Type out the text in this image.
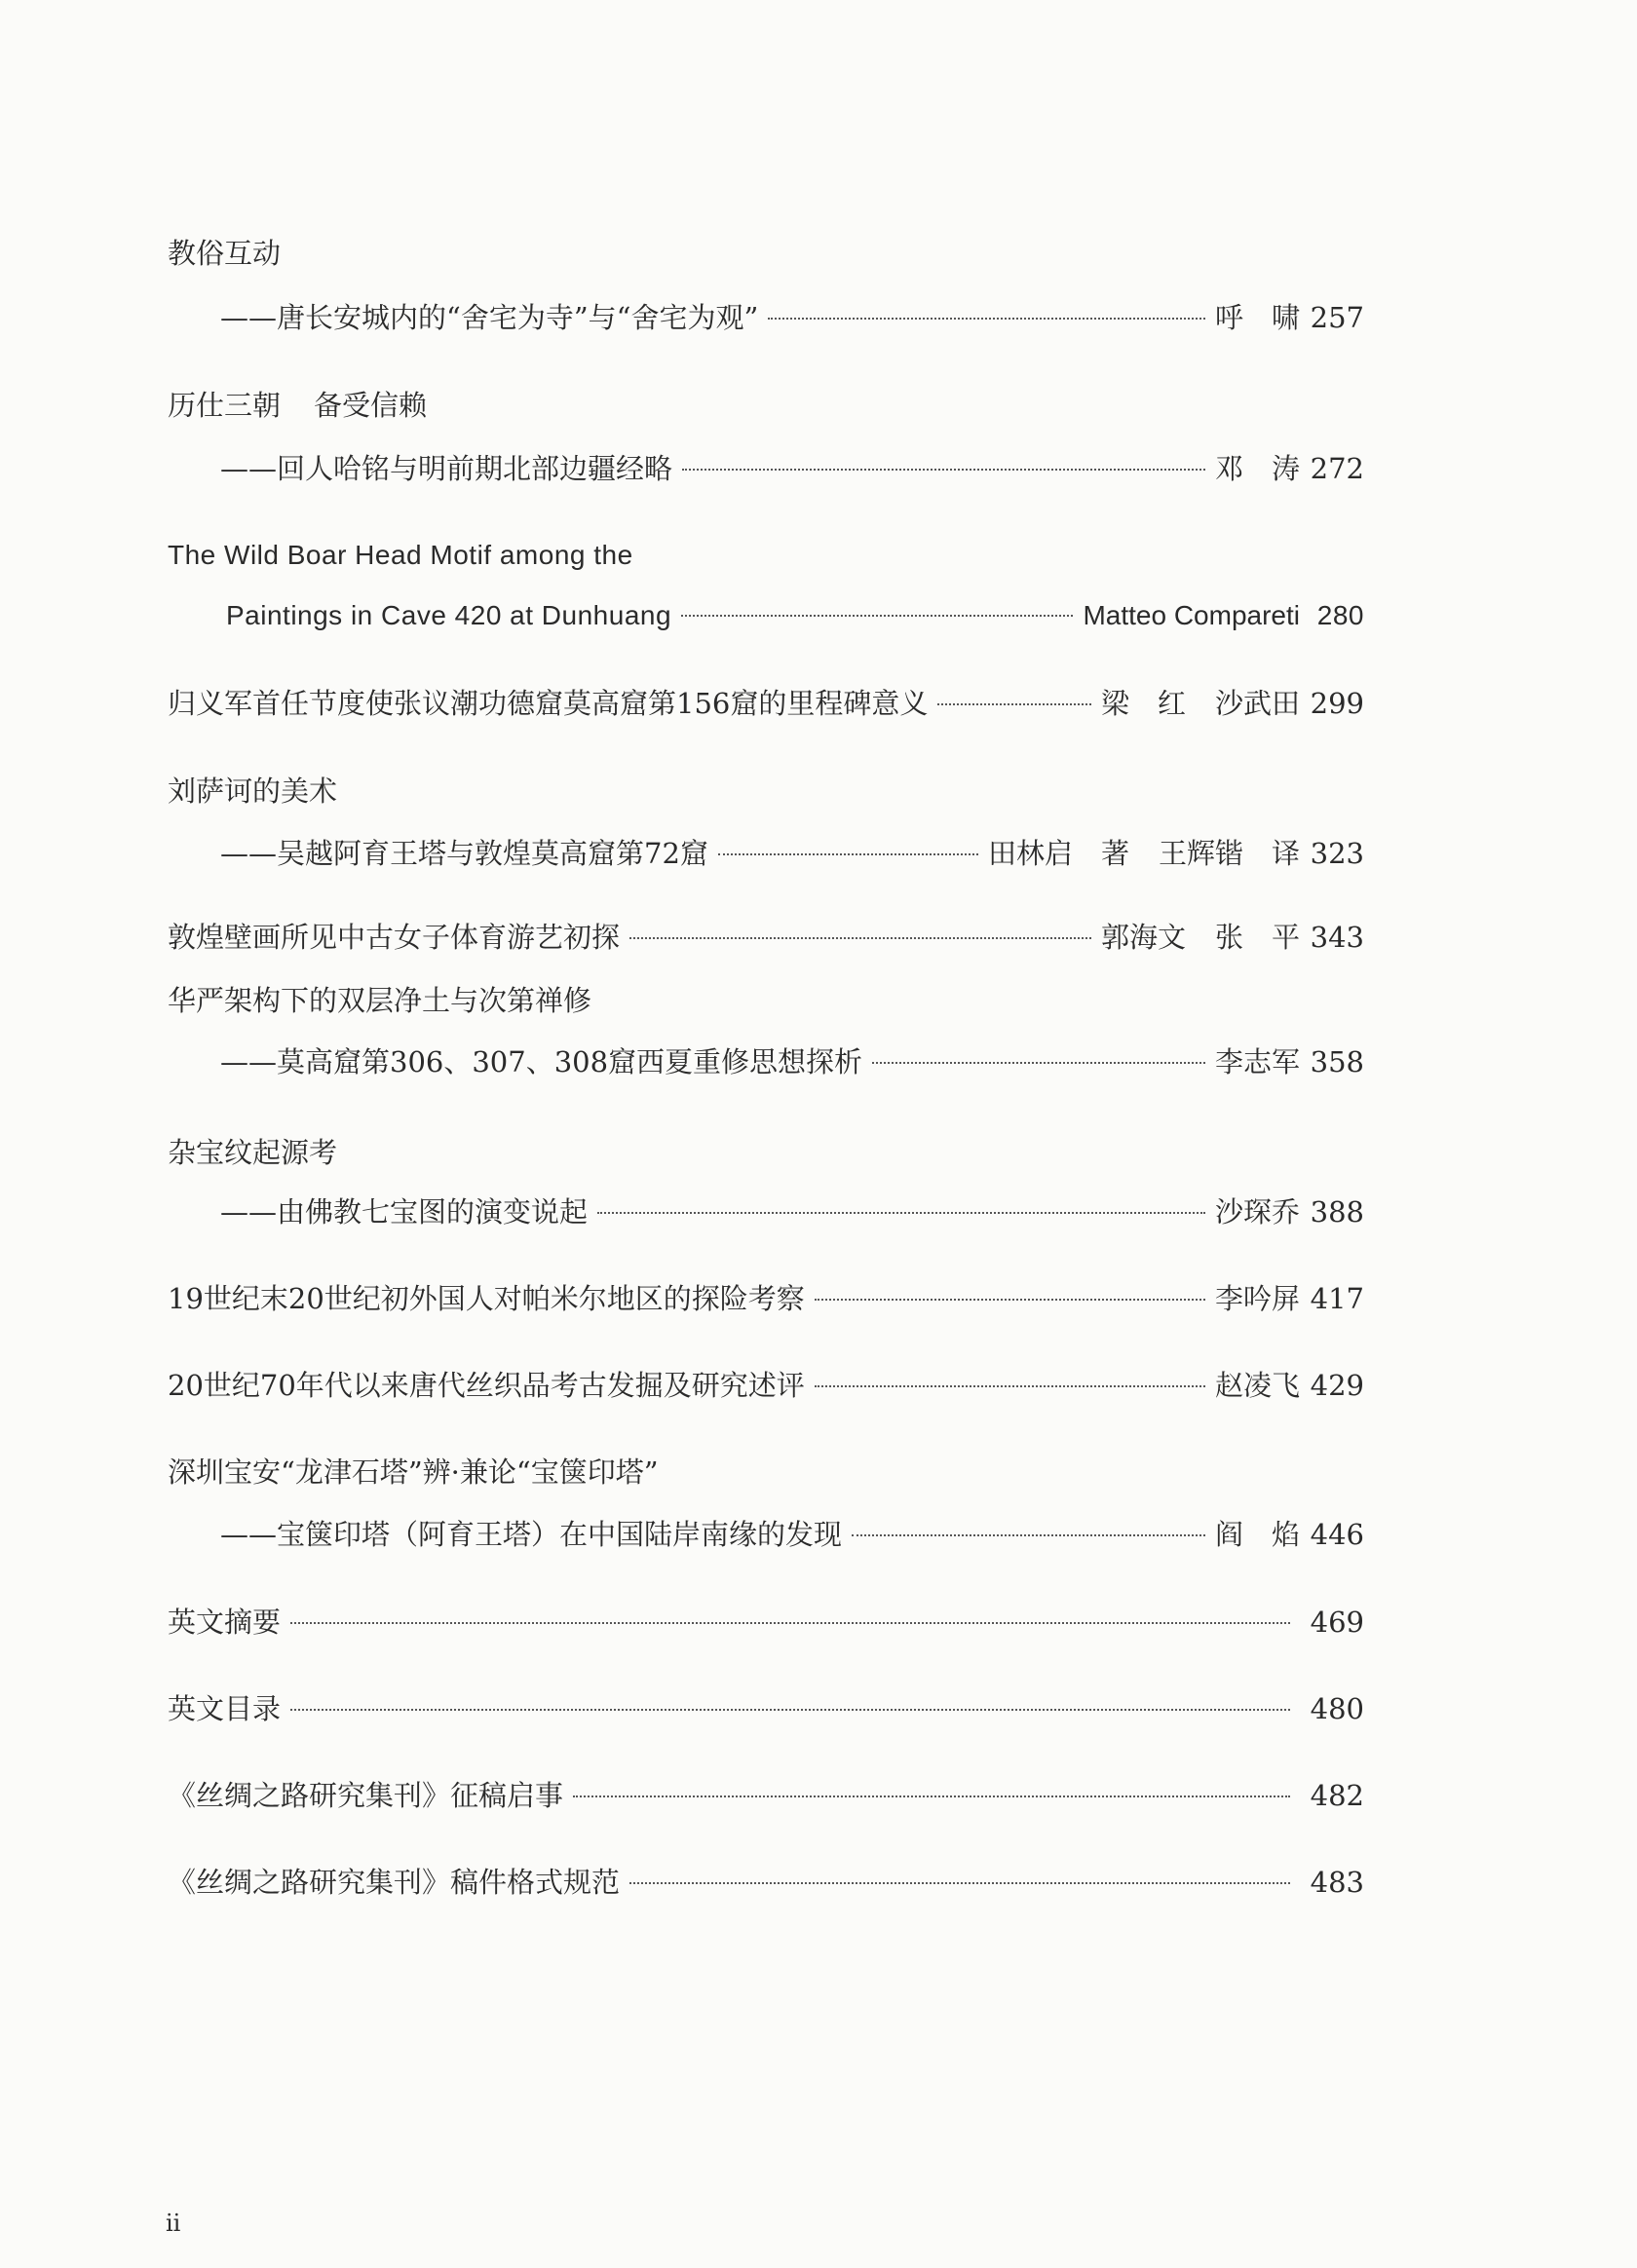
教俗互动
——唐长安城内的“舍宅为寺”与“舍宅为观”	呼　啸 257
历仕三朝 备受信赖
——回人哈铭与明前期北部边疆经略	邓　涛 272
The Wild Boar Head Motif among the
Paintings in Cave 420 at Dunhuang	Matteo Compareti 280
归义军首任节度使张议潮功德窟莫高窟第156窟的里程碑意义	梁　红 沙武田 299
刘萨诃的美术
——吴越阿育王塔与敦煌莫高窟第72窟	田林启　著 王辉锴　译 323
敦煌壁画所见中古女子体育游艺初探	郭海文 张　平 343
华严架构下的双层净土与次第禅修
——莫高窟第306、307、308窟西夏重修思想探析	李志军 358
杂宝纹起源考
——由佛教七宝图的演变说起	沙琛乔 388
19世纪末20世纪初外国人对帕米尔地区的探险考察	李吟屏 417
20世纪70年代以来唐代丝织品考古发掘及研究述评	赵凌飞 429
深圳宝安“龙津石塔”辨·兼论“宝箧印塔”
——宝箧印塔（阿育王塔）在中国陆岸南缘的发现	阎　焰 446
英文摘要	469
英文目录	480
《丝绸之路研究集刊》征稿启事	482
《丝绸之路研究集刊》稿件格式规范	483
ii
